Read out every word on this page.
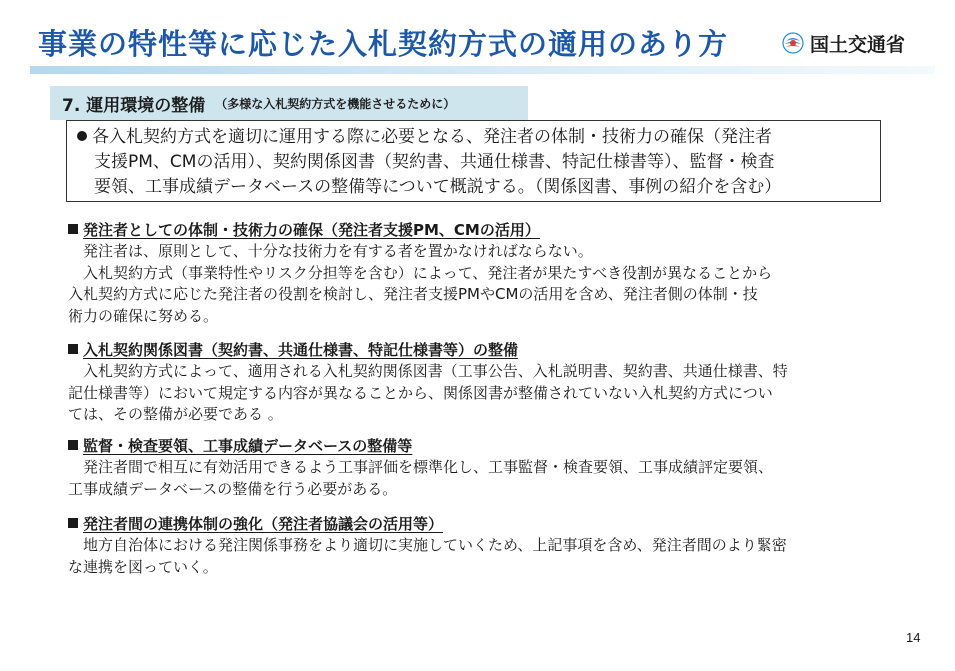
事業の特性等に応じた入札契約方式の適用のあり方	国土交通省
7. 運用環境の整備 （多様な入札契約方式を機能させるために）
各入札契約方式を適切に運用する際に必要となる、発注者の体制・技術力の確保（発注者
支援PM、CMの活用）、契約関係図書（契約書、共通仕様書、特記仕様書等）、監督・検査
要領、工事成績データベースの整備等について概説する。（関係図書、事例の紹介を含む）
発注者としての体制・技術力の確保（発注者支援PM、CMの活用）
発注者は、原則として、十分な技術力を有する者を置かなければならない。
入札契約方式（事業特性やリスク分担等を含む）によって、発注者が果たすべき役割が異なることから
入札契約方式に応じた発注者の役割を検討し、発注者支援PMやCMの活用を含め、発注者側の体制・技
術力の確保に努める。
入札契約関係図書（契約書、共通仕様書、特記仕様書等）の整備
入札契約方式によって、適用される入札契約関係図書（工事公告、入札説明書、契約書、共通仕様書、特
記仕様書等）において規定する内容が異なることから、関係図書が整備されていない入札契約方式につい
ては、その整備が必要である 。
監督・検査要領、工事成績データベースの整備等
発注者間で相互に有効活用できるよう工事評価を標準化し、工事監督・検査要領、工事成績評定要領、
工事成績データベースの整備を行う必要がある。
発注者間の連携体制の強化（発注者協議会の活用等）
地方自治体における発注関係事務をより適切に実施していくため、上記事項を含め、発注者間のより緊密
な連携を図っていく。
14
